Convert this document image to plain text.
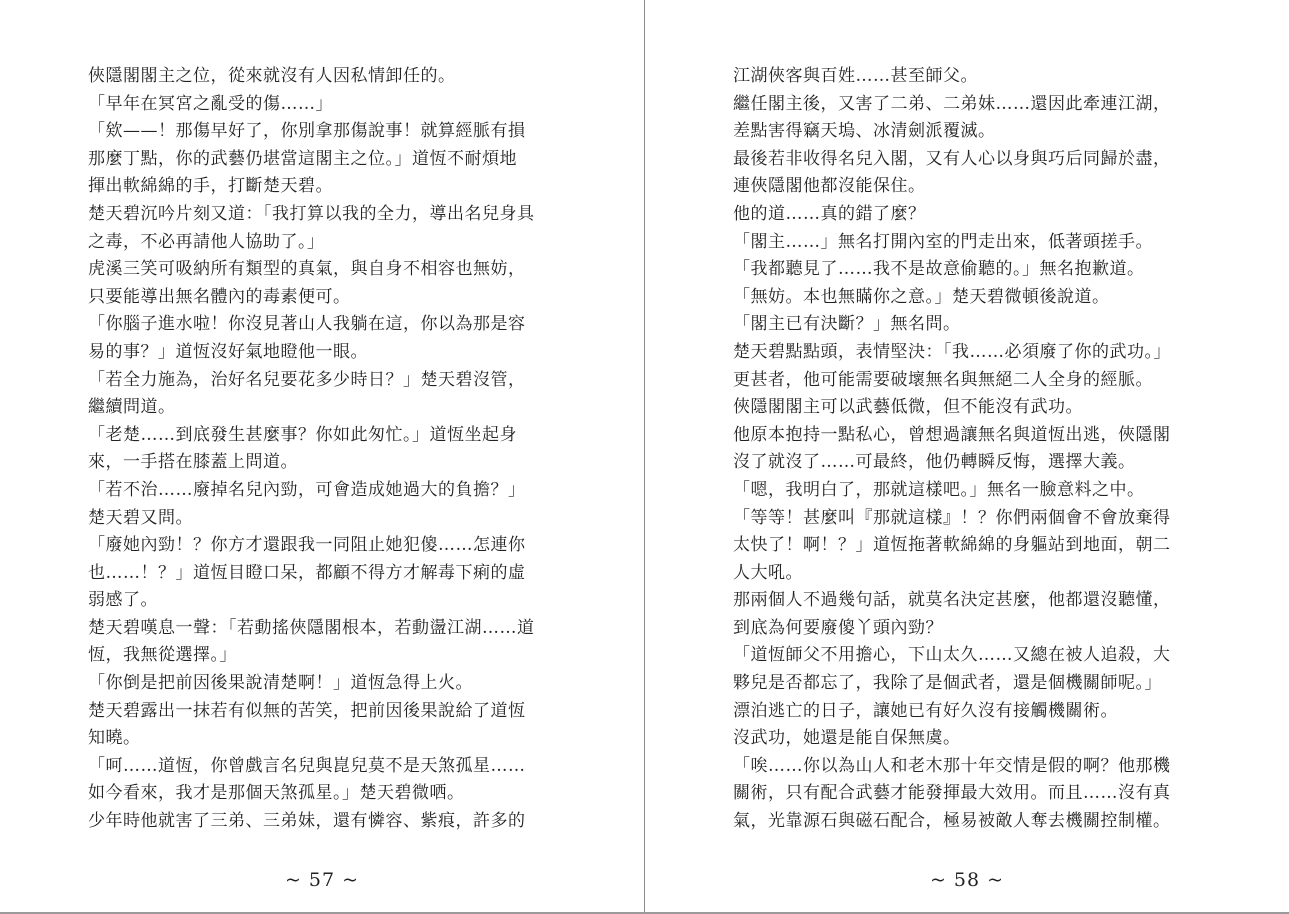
俠隱閣閣主之位，從來就沒有人因私情卸任的。
「早年在冥宮之亂受的傷……」
「欸——！那傷早好了，你別拿那傷說事！就算經脈有損
那麼丁點，你的武藝仍堪當這閣主之位。」道恆不耐煩地
揮出軟綿綿的手，打斷楚天碧。
楚天碧沉吟片刻又道：「我打算以我的全力，導出名兒身具
之毒，不必再請他人協助了。」
虎溪三笑可吸納所有類型的真氣，與自身不相容也無妨，
只要能導出無名體內的毒素便可。
「你腦子進水啦！你沒見著山人我躺在這，你以為那是容
易的事？」道恆沒好氣地瞪他一眼。
「若全力施為，治好名兒要花多少時日？」楚天碧沒管，
繼續問道。
「老楚……到底發生甚麼事？你如此匆忙。」道恆坐起身
來，一手搭在膝蓋上問道。
「若不治……廢掉名兒內勁，可會造成她過大的負擔？」
楚天碧又問。
「廢她內勁！？你方才還跟我一同阻止她犯傻……怎連你
也……！？」道恆目瞪口呆，都顧不得方才解毒下痢的虛
弱感了。
楚天碧嘆息一聲：「若動搖俠隱閣根本，若動盪江湖……道
恆，我無從選擇。」
「你倒是把前因後果說清楚啊！」道恆急得上火。
楚天碧露出一抹若有似無的苦笑，把前因後果說給了道恆
知曉。
「呵……道恆，你曾戲言名兒與崑兒莫不是天煞孤星……
如今看來，我才是那個天煞孤星。」楚天碧微哂。
少年時他就害了三弟、三弟妹，還有憐容、紫痕，許多的
~ 57 ~
江湖俠客與百姓……甚至師父。
繼任閣主後，又害了二弟、二弟妹……還因此牽連江湖，
差點害得竊天塢、冰清劍派覆滅。
最後若非收得名兒入閣，又有人心以身與巧后同歸於盡，
連俠隱閣他都沒能保住。
他的道……真的錯了麼？
「閣主……」無名打開內室的門走出來，低著頭搓手。
「我都聽見了……我不是故意偷聽的。」無名抱歉道。
「無妨。本也無瞞你之意。」楚天碧微頓後說道。
「閣主已有決斷？」無名問。
楚天碧點點頭，表情堅決：「我……必須廢了你的武功。」
更甚者，他可能需要破壞無名與無絕二人全身的經脈。
俠隱閣閣主可以武藝低微，但不能沒有武功。
他原本抱持一點私心，曾想過讓無名與道恆出逃，俠隱閣
沒了就沒了……可最終，他仍轉瞬反悔，選擇大義。
「嗯，我明白了，那就這樣吧。」無名一臉意料之中。
「等等！甚麼叫『那就這樣』！？你們兩個會不會放棄得
太快了！啊！？」道恆拖著軟綿綿的身軀站到地面，朝二
人大吼。
那兩個人不過幾句話，就莫名決定甚麼，他都還沒聽懂，
到底為何要廢傻丫頭內勁？
「道恆師父不用擔心，下山太久……又總在被人追殺，大
夥兒是否都忘了，我除了是個武者，還是個機關師呢。」
漂泊逃亡的日子，讓她已有好久沒有接觸機關術。
沒武功，她還是能自保無虞。
「唉……你以為山人和老木那十年交情是假的啊？他那機
關術，只有配合武藝才能發揮最大效用。而且……沒有真
氣，光靠源石與磁石配合，極易被敵人奪去機關控制權。
~ 58 ~
